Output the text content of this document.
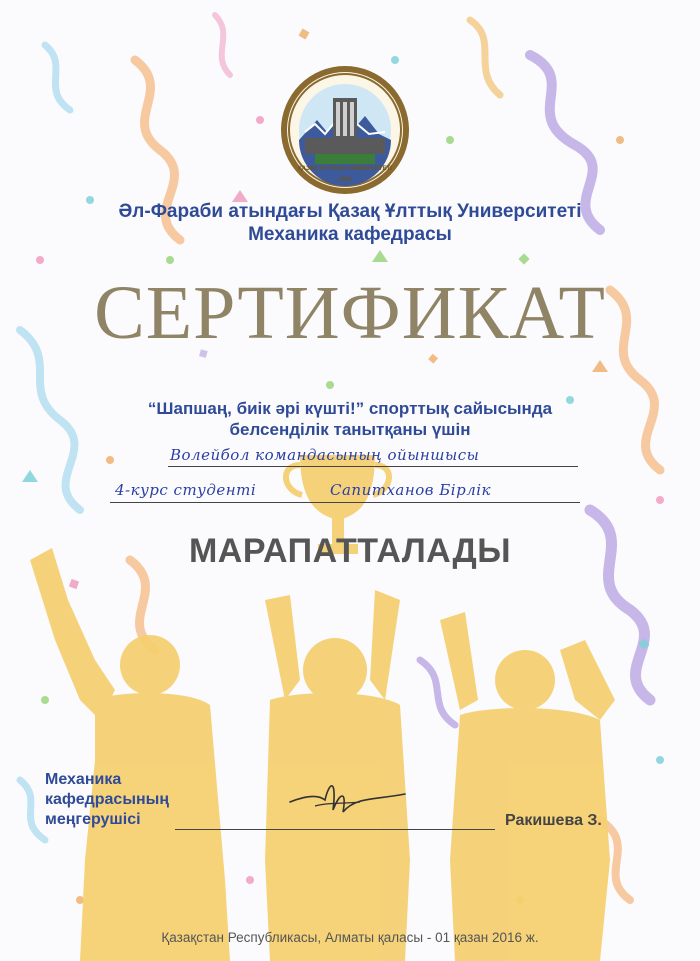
ҚАЗАҚ ҰЛТТЫҚ УНИВЕРСИТЕТІ
1934
Әл-Фараби атындағы Қазақ Ұлттық Университеті
Механика кафедрасы
СЕРТИФИКАТ
“Шапшаң, биік әрі күшті!” спорттық сайысында
белсенділік танытқаны үшін
Волейбол командасының ойыншысы
4-курс студенті	Сапитханов Бірлік
МАРАПАТТАЛАДЫ
Механика
кафедрасының
меңгерушісі	Ракишева З.
Қазақстан Республикасы, Алматы қаласы - 01 қазан 2016 ж.
